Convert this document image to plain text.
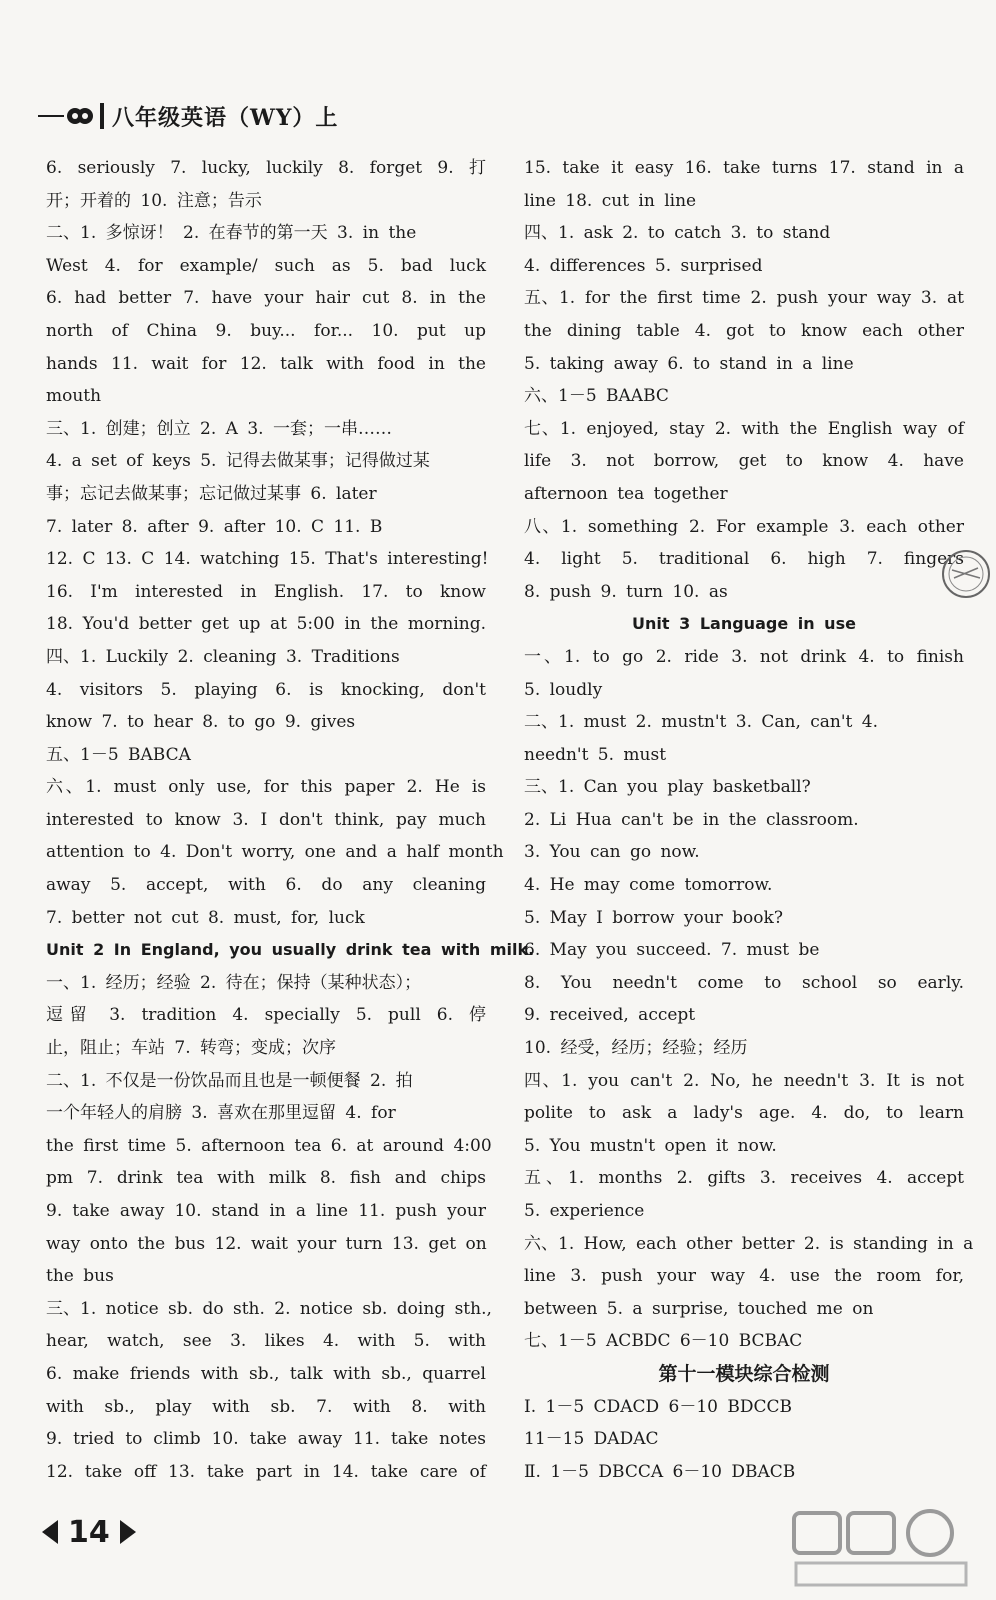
八年级英语（WY）上
6. seriously 7. lucky, luckily 8. forget 9. 打
开；开着的 10. 注意；告示
二、1. 多惊讶！ 2. 在春节的第一天 3. in the
West 4. for example/ such as 5. bad luck
6. had better 7. have your hair cut 8. in the
north of China 9. buy... for... 10. put up
hands 11. wait for 12. talk with food in the
mouth
三、1. 创建；创立 2. A 3. 一套；一串……
4. a set of keys 5. 记得去做某事；记得做过某
事；忘记去做某事；忘记做过某事 6. later
7. later 8. after 9. after 10. C 11. B
12. C 13. C 14. watching 15. That's interesting!
16. I'm interested in English. 17. to know
18. You'd better get up at 5:00 in the morning.
四、1. Luckily 2. cleaning 3. Traditions
4. visitors 5. playing 6. is knocking, don't
know 7. to hear 8. to go 9. gives
五、1－5 BABCA
六、1. must only use, for this paper 2. He is
interested to know 3. I don't think, pay much
attention to 4. Don't worry, one and a half month
away 5. accept, with 6. do any cleaning
7. better not cut 8. must, for, luck
Unit 2 In England, you usually drink tea with milk.
一、1. 经历；经验 2. 待在；保持（某种状态）；
逗留 3. tradition 4. specially 5. pull 6. 停
止，阻止；车站 7. 转弯；变成；次序
二、1. 不仅是一份饮品而且也是一顿便餐 2. 拍
一个年轻人的肩膀 3. 喜欢在那里逗留 4. for
the first time 5. afternoon tea 6. at around 4:00
pm 7. drink tea with milk 8. fish and chips
9. take away 10. stand in a line 11. push your
way onto the bus 12. wait your turn 13. get on
the bus
三、1. notice sb. do sth. 2. notice sb. doing sth.,
hear, watch, see 3. likes 4. with 5. with
6. make friends with sb., talk with sb., quarrel
with sb., play with sb. 7. with 8. with
9. tried to climb 10. take away 11. take notes
12. take off 13. take part in 14. take care of
15. take it easy 16. take turns 17. stand in a
line 18. cut in line
四、1. ask 2. to catch 3. to stand
4. differences 5. surprised
五、1. for the first time 2. push your way 3. at
the dining table 4. got to know each other
5. taking away 6. to stand in a line
六、1－5 BAABC
七、1. enjoyed, stay 2. with the English way of
life 3. not borrow, get to know 4. have
afternoon tea together
八、1. something 2. For example 3. each other
4. light 5. traditional 6. high 7. fingers
8. push 9. turn 10. as
Unit 3 Language in use
一、1. to go 2. ride 3. not drink 4. to finish
5. loudly
二、1. must 2. mustn't 3. Can, can't 4.
needn't 5. must
三、1. Can you play basketball?
2. Li Hua can't be in the classroom.
3. You can go now.
4. He may come tomorrow.
5. May I borrow your book?
6. May you succeed. 7. must be
8. You needn't come to school so early.
9. received, accept
10. 经受，经历；经验；经历
四、1. you can't 2. No, he needn't 3. It is not
polite to ask a lady's age. 4. do, to learn
5. You mustn't open it now.
五、1. months 2. gifts 3. receives 4. accept
5. experience
六、1. How, each other better 2. is standing in a
line 3. push your way 4. use the room for,
between 5. a surprise, touched me on
七、1－5 ACBDC 6－10 BCBAC
第十一模块综合检测
Ⅰ. 1－5 CDACD 6－10 BDCCB
11－15 DADAC
Ⅱ. 1－5 DBCCA 6－10 DBACB
14
